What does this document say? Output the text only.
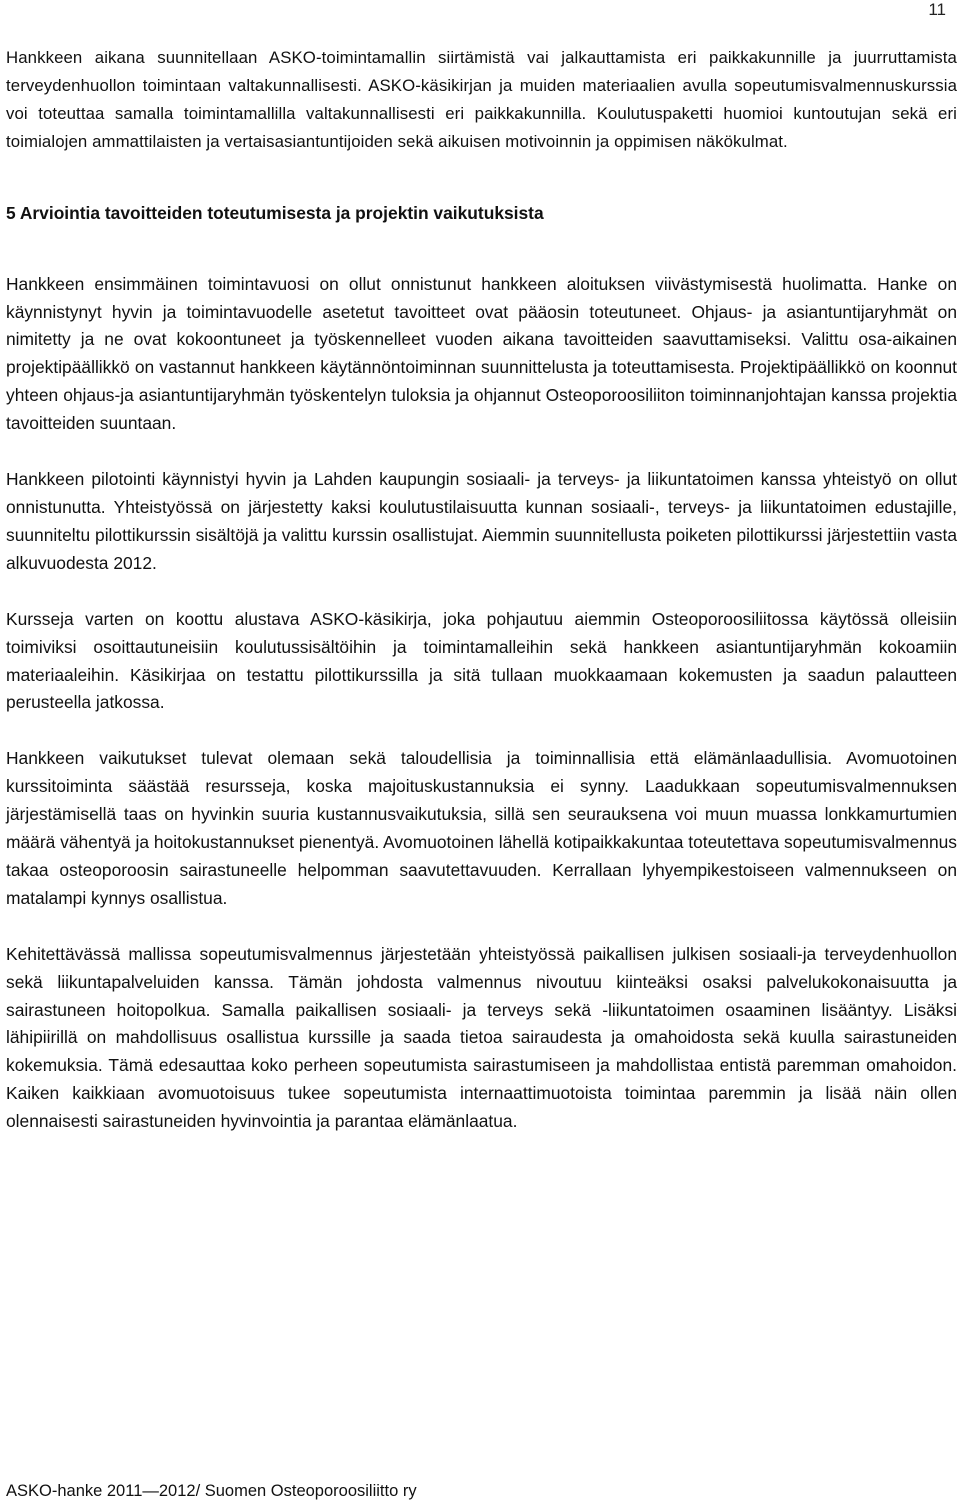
11

Hankkeen aikana suunnitellaan ASKO-toimintamallin siirtämistä vai jalkauttamista eri paikkakunnille ja juurruttamista terveydenhuollon toimintaan valtakunnallisesti. ASKO-käsikirjan ja muiden materiaalien avulla sopeutumisvalmennuskurssia voi toteuttaa samalla toimintamallilla valtakunnallisesti eri paikkakunnilla. Koulutuspaketti huomioi kuntoutujan sekä eri toimialojen ammattilaisten ja vertaisasiantuntijoiden sekä aikuisen motivoinnin ja oppimisen näkökulmat.

5 Arviointia tavoitteiden toteutumisesta ja projektin vaikutuksista

Hankkeen ensimmäinen toimintavuosi on ollut onnistunut hankkeen aloituksen viivästymisestä huolimatta. Hanke on käynnistynyt hyvin ja toimintavuodelle asetetut tavoitteet ovat pääosin toteutuneet. Ohjaus- ja asiantuntijaryhmät on nimitetty ja ne ovat kokoontuneet ja työskennelleet vuoden aikana tavoitteiden saavuttamiseksi. Valittu osa-aikainen projektipäällikkö on vastannut hankkeen käytännöntoiminnan suunnittelusta ja toteuttamisesta. Projektipäällikkö on koonnut yhteen ohjaus-ja asiantuntijaryhmän työskentelyn tuloksia ja ohjannut Osteoporoosiliiton toiminnanjohtajan kanssa projektia tavoitteiden suuntaan.

Hankkeen pilotointi käynnistyi hyvin ja Lahden kaupungin sosiaali- ja terveys- ja liikuntatoimen kanssa yhteistyö on ollut onnistunutta. Yhteistyössä on järjestetty kaksi koulutustilaisuutta kunnan sosiaali-, terveys- ja liikuntatoimen edustajille, suunniteltu pilottikurssin sisältöjä ja valittu kurssin osallistujat. Aiemmin suunnitellusta poiketen pilottikurssi järjestettiin vasta alkuvuodesta 2012.

Kursseja varten on koottu alustava ASKO-käsikirja, joka pohjautuu aiemmin Osteoporoosiliitossa käytössä olleisiin toimiviksi osoittautuneisiin koulutussisältöihin ja toimintamalleihin sekä hankkeen asiantuntijaryhmän kokoamiin materiaaleihin. Käsikirjaa on testattu pilottikurssilla ja sitä tullaan muokkaamaan kokemusten ja saadun palautteen perusteella jatkossa.

Hankkeen vaikutukset tulevat olemaan sekä taloudellisia ja toiminnallisia että elämänlaadullisia. Avomuotoinen kurssitoiminta säästää resursseja, koska majoituskustannuksia ei synny. Laadukkaan sopeutumisvalmennuksen järjestämisellä taas on hyvinkin suuria kustannusvaikutuksia, sillä sen seurauksena voi muun muassa lonkkamurtumien määrä vähentyä ja hoitokustannukset pienentyä. Avomuotoinen lähellä kotipaikkakuntaa toteutettava sopeutumisvalmennus takaa osteoporoosin sairastuneelle helpomman saavutettavuuden. Kerrallaan lyhyempikestoiseen valmennukseen on matalampi kynnys osallistua.

Kehitettävässä mallissa sopeutumisvalmennus järjestetään yhteistyössä paikallisen julkisen sosiaali-ja terveydenhuollon sekä liikuntapalveluiden kanssa. Tämän johdosta valmennus nivoutuu kiinteäksi osaksi palvelukokonaisuutta ja sairastuneen hoitopolkua. Samalla paikallisen sosiaali- ja terveys sekä -liikuntatoimen osaaminen lisääntyy. Lisäksi lähipiirillä on mahdollisuus osallistua kurssille ja saada tietoa sairaudesta ja omahoidosta sekä kuulla sairastuneiden kokemuksia. Tämä edesauttaa koko perheen sopeutumista sairastumiseen ja mahdollistaa entistä paremman omahoidon. Kaiken kaikkiaan avomuotoisuus tukee sopeutumista internaattimuotoista toimintaa paremmin ja lisää näin ollen olennaisesti sairastuneiden hyvinvointia ja parantaa elämänlaatua.

ASKO-hanke 2011—2012/ Suomen Osteoporoosiliitto ry
